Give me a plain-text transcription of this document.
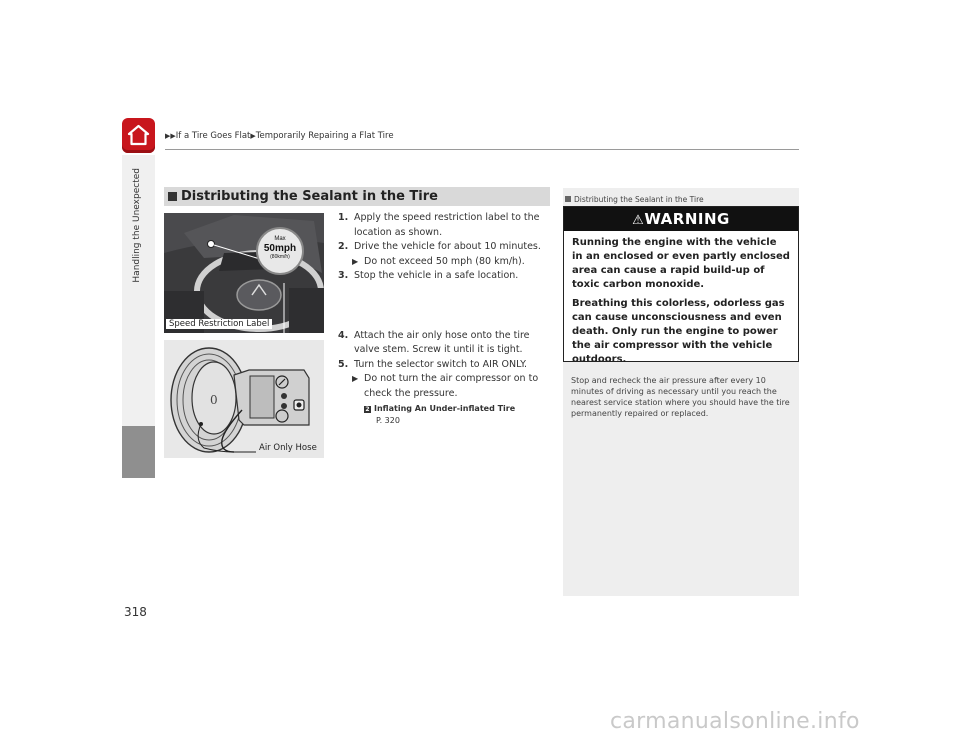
▶▶If a Tire Goes Flat▶Temporarily Repairing a Flat Tire
Handling the Unexpected	Distributing the Sealant in the Tire
Max
50mph
(80km/h)
Speed Restriction Label
0
Air Only Hose
1. Apply the speed restriction label to the location as shown.
2. Drive the vehicle for about 10 minutes.
▶ Do not exceed 50 mph (80 km/h).
3. Stop the vehicle in a safe location.
4. Attach the air only hose onto the tire valve stem. Screw it until it is tight.
5. Turn the selector switch to AIR ONLY.
▶ Do not turn the air compressor on to check the pressure.
2 Inflating An Under-inflated Tire
P. 320
Distributing the Sealant in the Tire
⚠WARNING

Running the engine with the vehicle in an enclosed or even partly enclosed area can cause a rapid build-up of toxic carbon monoxide.

Breathing this colorless, odorless gas can cause unconsciousness and even death. Only run the engine to power the air compressor with the vehicle outdoors.

Stop and recheck the air pressure after every 10 minutes of driving as necessary until you reach the nearest service station where you should have the tire permanently repaired or replaced.
318
carmanualsonline.info
